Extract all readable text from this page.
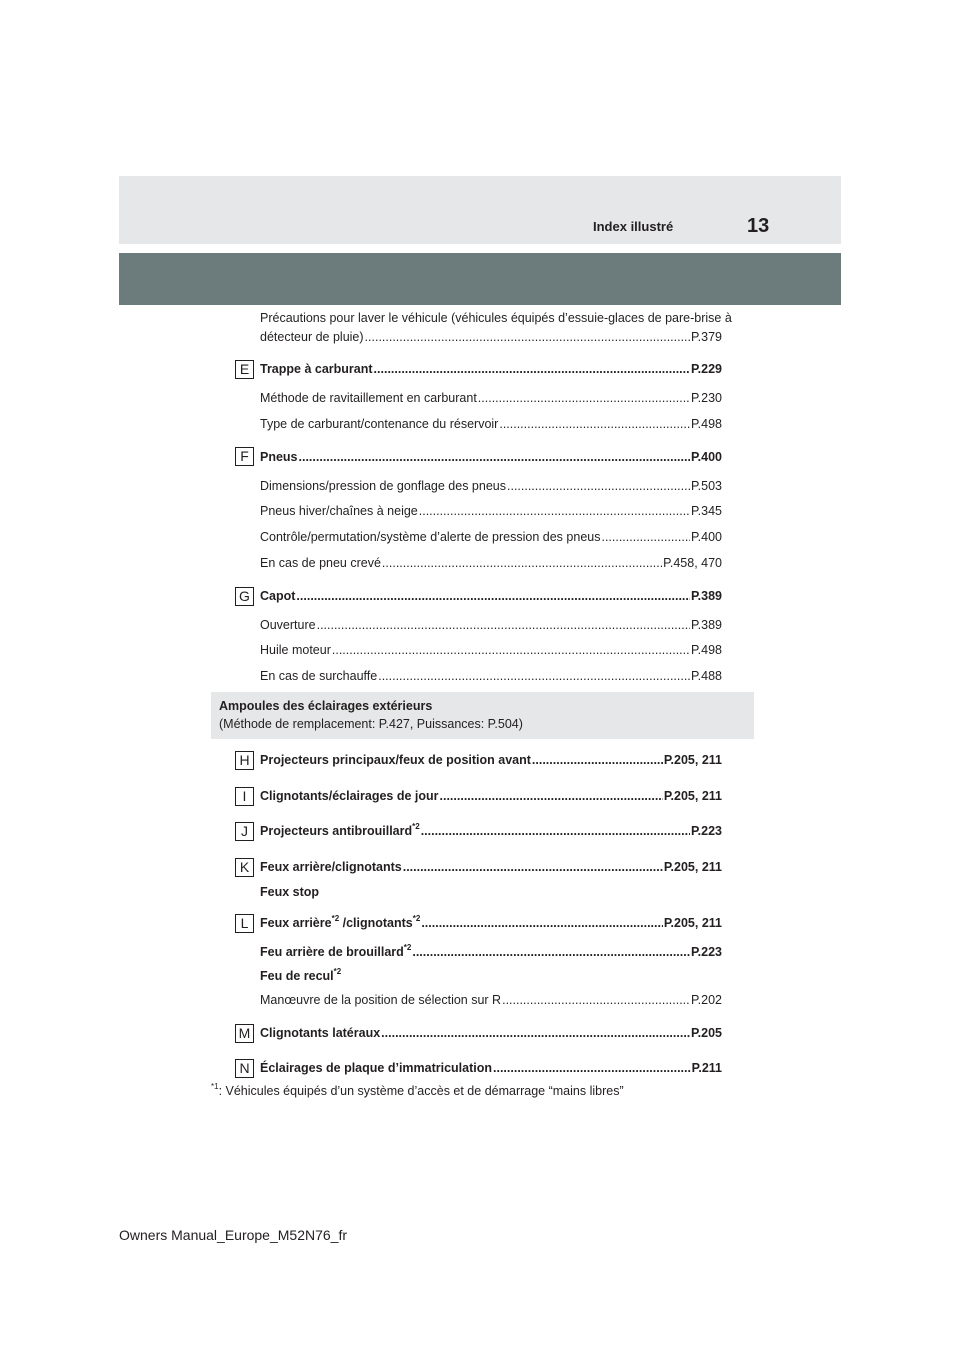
Index illustré	13
Précautions pour laver le véhicule (véhicules équipés d’essuie-glaces de pare-brise à
détecteur de pluie) .....	P.379
E Trappe à carburant .....	P.229
Méthode de ravitaillement en carburant .....	P.230
Type de carburant/contenance du réservoir .....	P.498
F Pneus .....	P.400
Dimensions/pression de gonflage des pneus .....	P.503
Pneus hiver/chaînes à neige .....	P.345
Contrôle/permutation/système d’alerte de pression des pneus .....	P.400
En cas de pneu crevé .....	P.458, 470
G Capot .....	P.389
Ouverture .....	P.389
Huile moteur .....	P.498
En cas de surchauffe .....	P.488
Ampoules des éclairages extérieurs
(Méthode de remplacement: P.427, Puissances: P.504)
H Projecteurs principaux/feux de position avant .....	P.205, 211
I	Clignotants/éclairages de jour .....	P.205, 211
J Projecteurs antibrouillard$^{*2}$ .....	P.223
K Feux arrière/clignotants .....	P.205, 211
Feux stop
L Feux arrière$^{*2}$ /clignotants$^{*2}$ .....	P.205, 211
Feu arrière de brouillard$^{*2}$ .....	P.223
Feu de recul$^{*2}$
Manœuvre de la position de sélection sur R .....	P.202
M Clignotants latéraux .....	P.205
N Éclairages de plaque d’immatriculation .....	P.211
$^{*1}$: Véhicules équipés d’un système d’accès et de démarrage “mains libres”
Owners Manual_Europe_M52N76_fr
